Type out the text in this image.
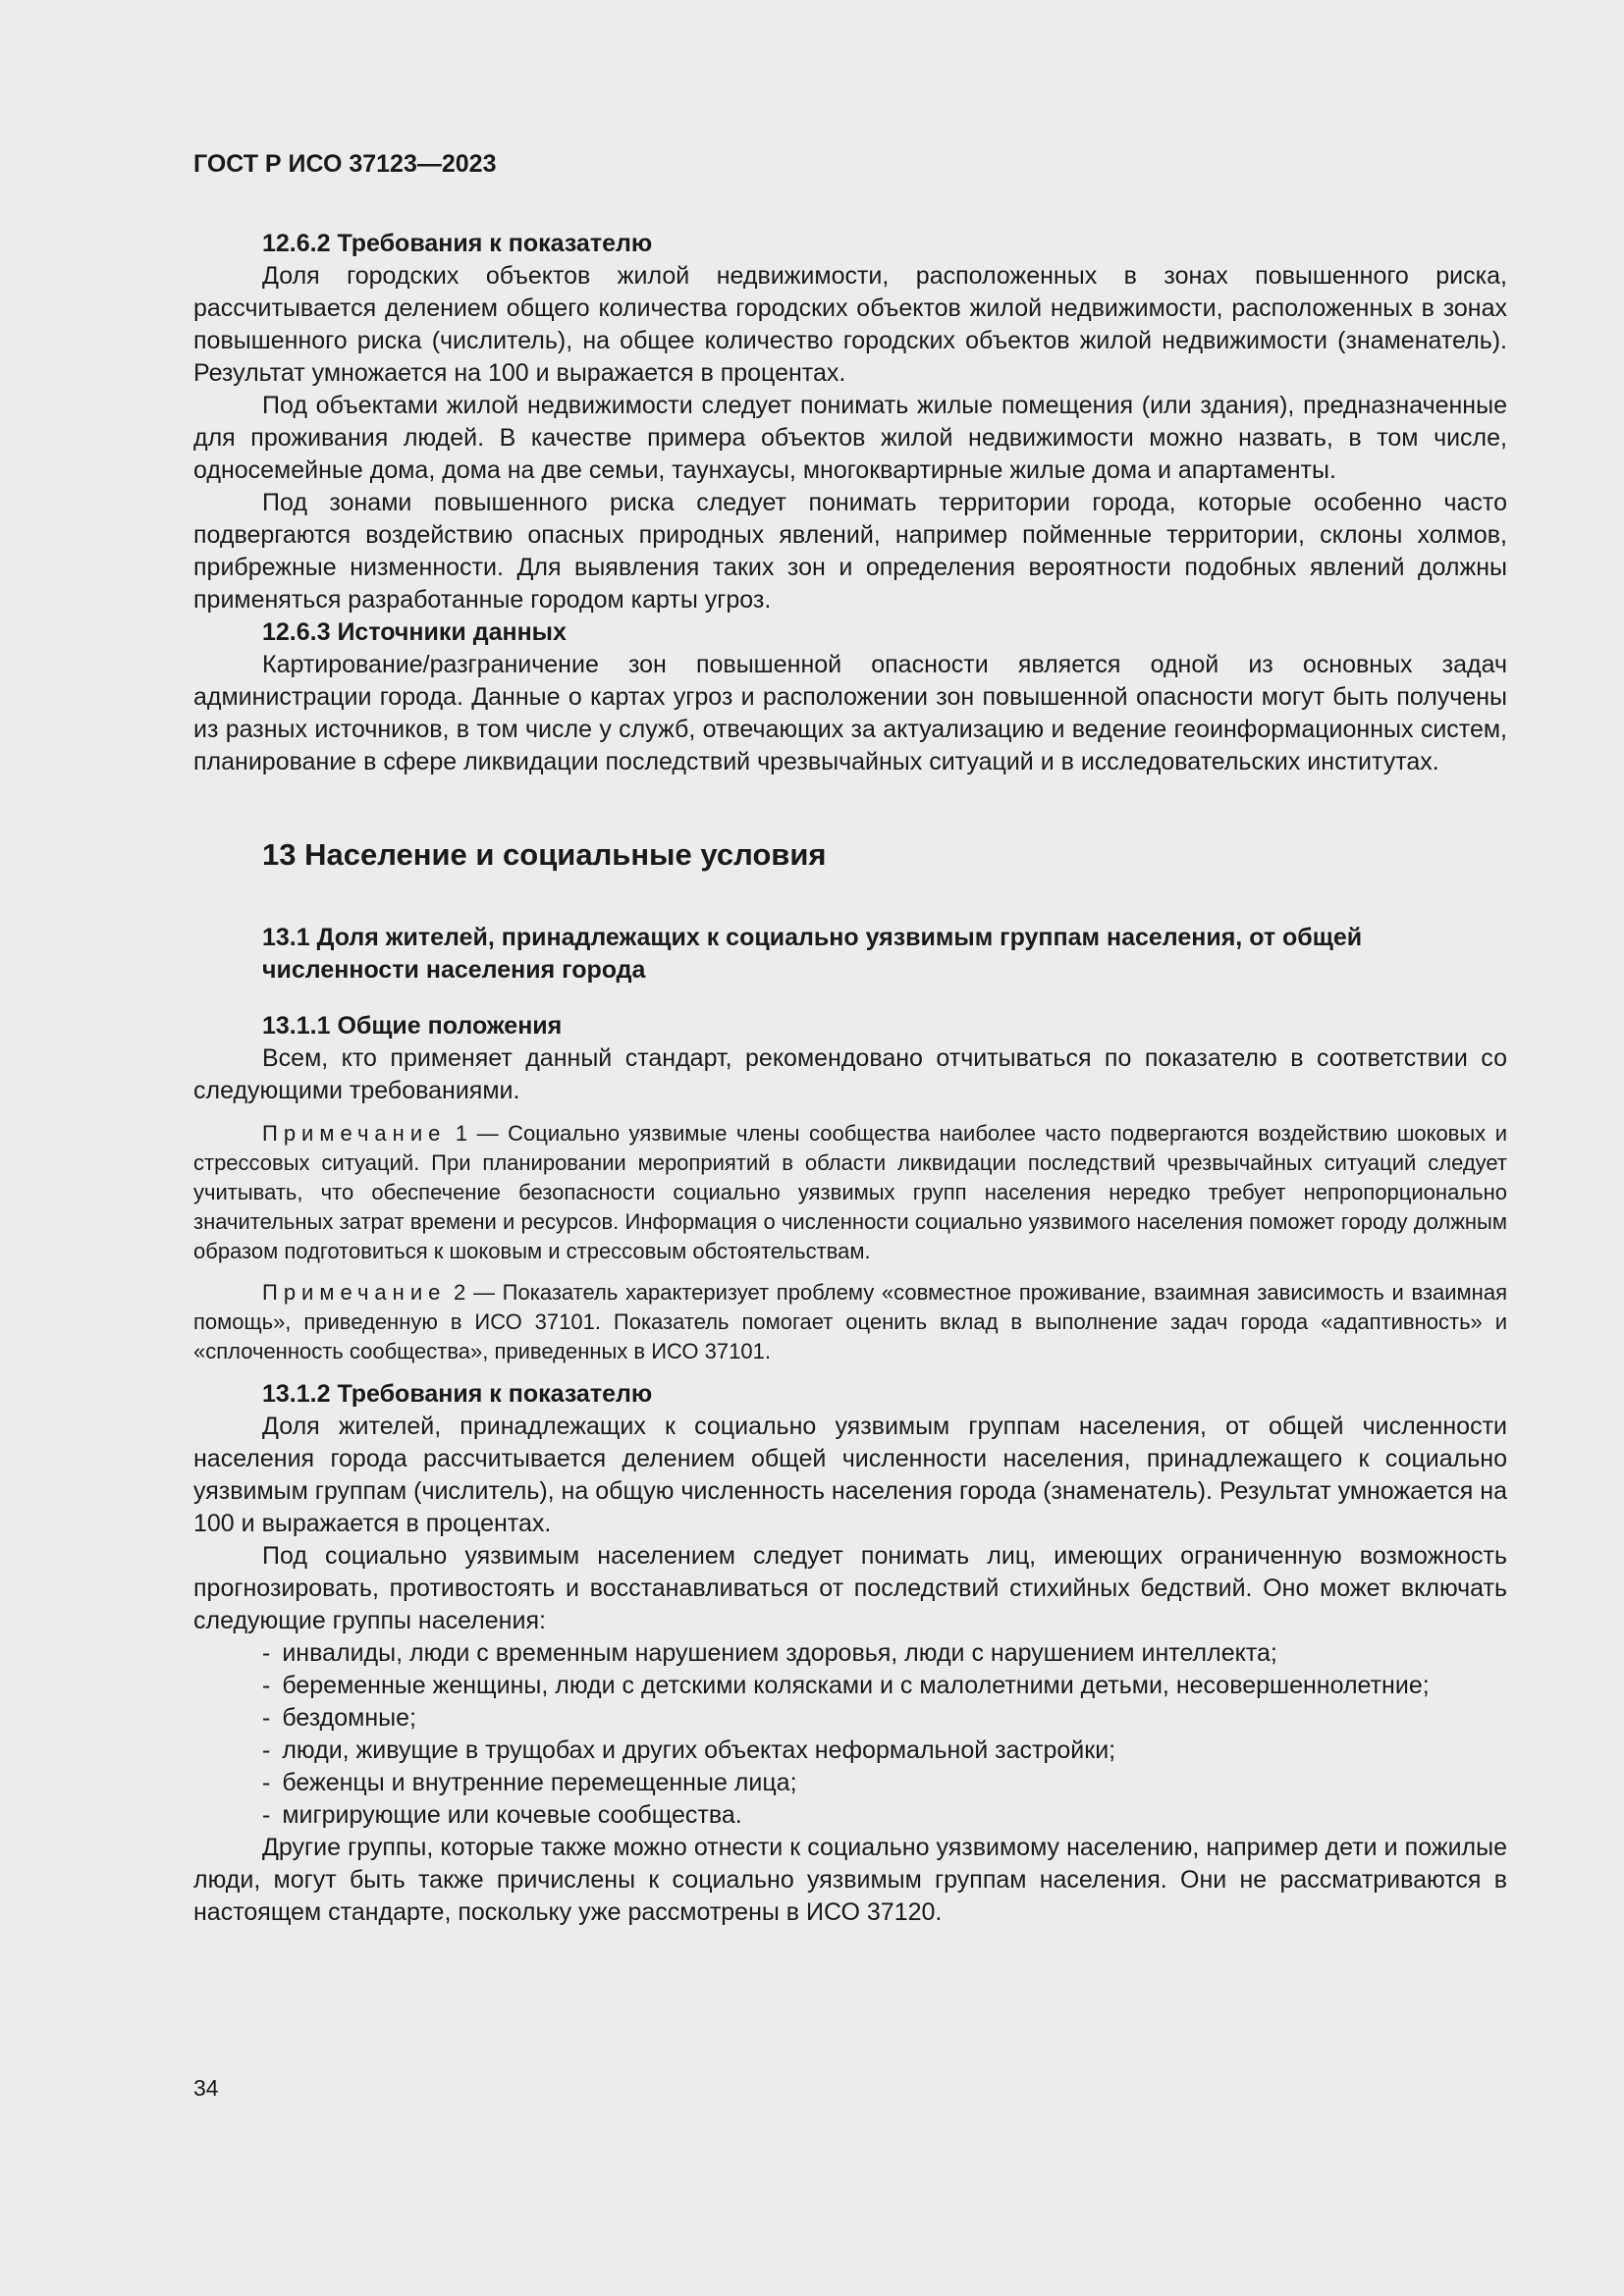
ГОСТ Р ИСО 37123—2023
12.6.2 Требования к показателю

Доля городских объектов жилой недвижимости, расположенных в зонах повышенного риска, рассчитывается делением общего количества городских объектов жилой недвижимости, расположенных в зонах повышенного риска (числитель), на общее количество городских объектов жилой недвижимости (знаменатель). Результат умножается на 100 и выражается в процентах.

Под объектами жилой недвижимости следует понимать жилые помещения (или здания), предназначенные для проживания людей. В качестве примера объектов жилой недвижимости можно назвать, в том числе, односемейные дома, дома на две семьи, таунхаусы, многоквартирные жилые дома и апартаменты.

Под зонами повышенного риска следует понимать территории города, которые особенно часто подвергаются воздействию опасных природных явлений, например пойменные территории, склоны холмов, прибрежные низменности. Для выявления таких зон и определения вероятности подобных явлений должны применяться разработанные городом карты угроз.

12.6.3 Источники данных

Картирование/разграничение зон повышенной опасности является одной из основных задач администрации города. Данные о картах угроз и расположении зон повышенной опасности могут быть получены из разных источников, в том числе у служб, отвечающих за актуализацию и ведение геоинформационных систем, планирование в сфере ликвидации последствий чрезвычайных ситуаций и в исследовательских институтах.

13 Население и социальные условия
13.1 Доля жителей, принадлежащих к социально уязвимым группам населения, от общей численности населения города
13.1.1 Общие положения

Всем, кто применяет данный стандарт, рекомендовано отчитываться по показателю в соответствии со следующими требованиями.

Примечание 1 — Социально уязвимые члены сообщества наиболее часто подвергаются воздействию шоковых и стрессовых ситуаций. При планировании мероприятий в области ликвидации последствий чрезвычайных ситуаций следует учитывать, что обеспечение безопасности социально уязвимых групп населения нередко требует непропорционально значительных затрат времени и ресурсов. Информация о численности социально уязвимого населения поможет городу должным образом подготовиться к шоковым и стрессовым обстоятельствам.

Примечание 2 — Показатель характеризует проблему «совместное проживание, взаимная зависимость и взаимная помощь», приведенную в ИСО 37101. Показатель помогает оценить вклад в выполнение задач города «адаптивность» и «сплоченность сообщества», приведенных в ИСО 37101.

13.1.2 Требования к показателю

Доля жителей, принадлежащих к социально уязвимым группам населения, от общей численности населения города рассчитывается делением общей численности населения, принадлежащего к социально уязвимым группам (числитель), на общую численность населения города (знаменатель). Результат умножается на 100 и выражается в процентах.

Под социально уязвимым населением следует понимать лиц, имеющих ограниченную возможность прогнозировать, противостоять и восстанавливаться от последствий стихийных бедствий. Оно может включать следующие группы населения:

- инвалиды, люди с временным нарушением здоровья, люди с нарушением интеллекта;
- беременные женщины, люди с детскими колясками и с малолетними детьми, несовершеннолетние;
- бездомные;
- люди, живущие в трущобах и других объектах неформальной застройки;
- беженцы и внутренние перемещенные лица;
- мигрирующие или кочевые сообщества.

Другие группы, которые также можно отнести к социально уязвимому населению, например дети и пожилые люди, могут быть также причислены к социально уязвимым группам населения. Они не рассматриваются в настоящем стандарте, поскольку уже рассмотрены в ИСО 37120.

34
